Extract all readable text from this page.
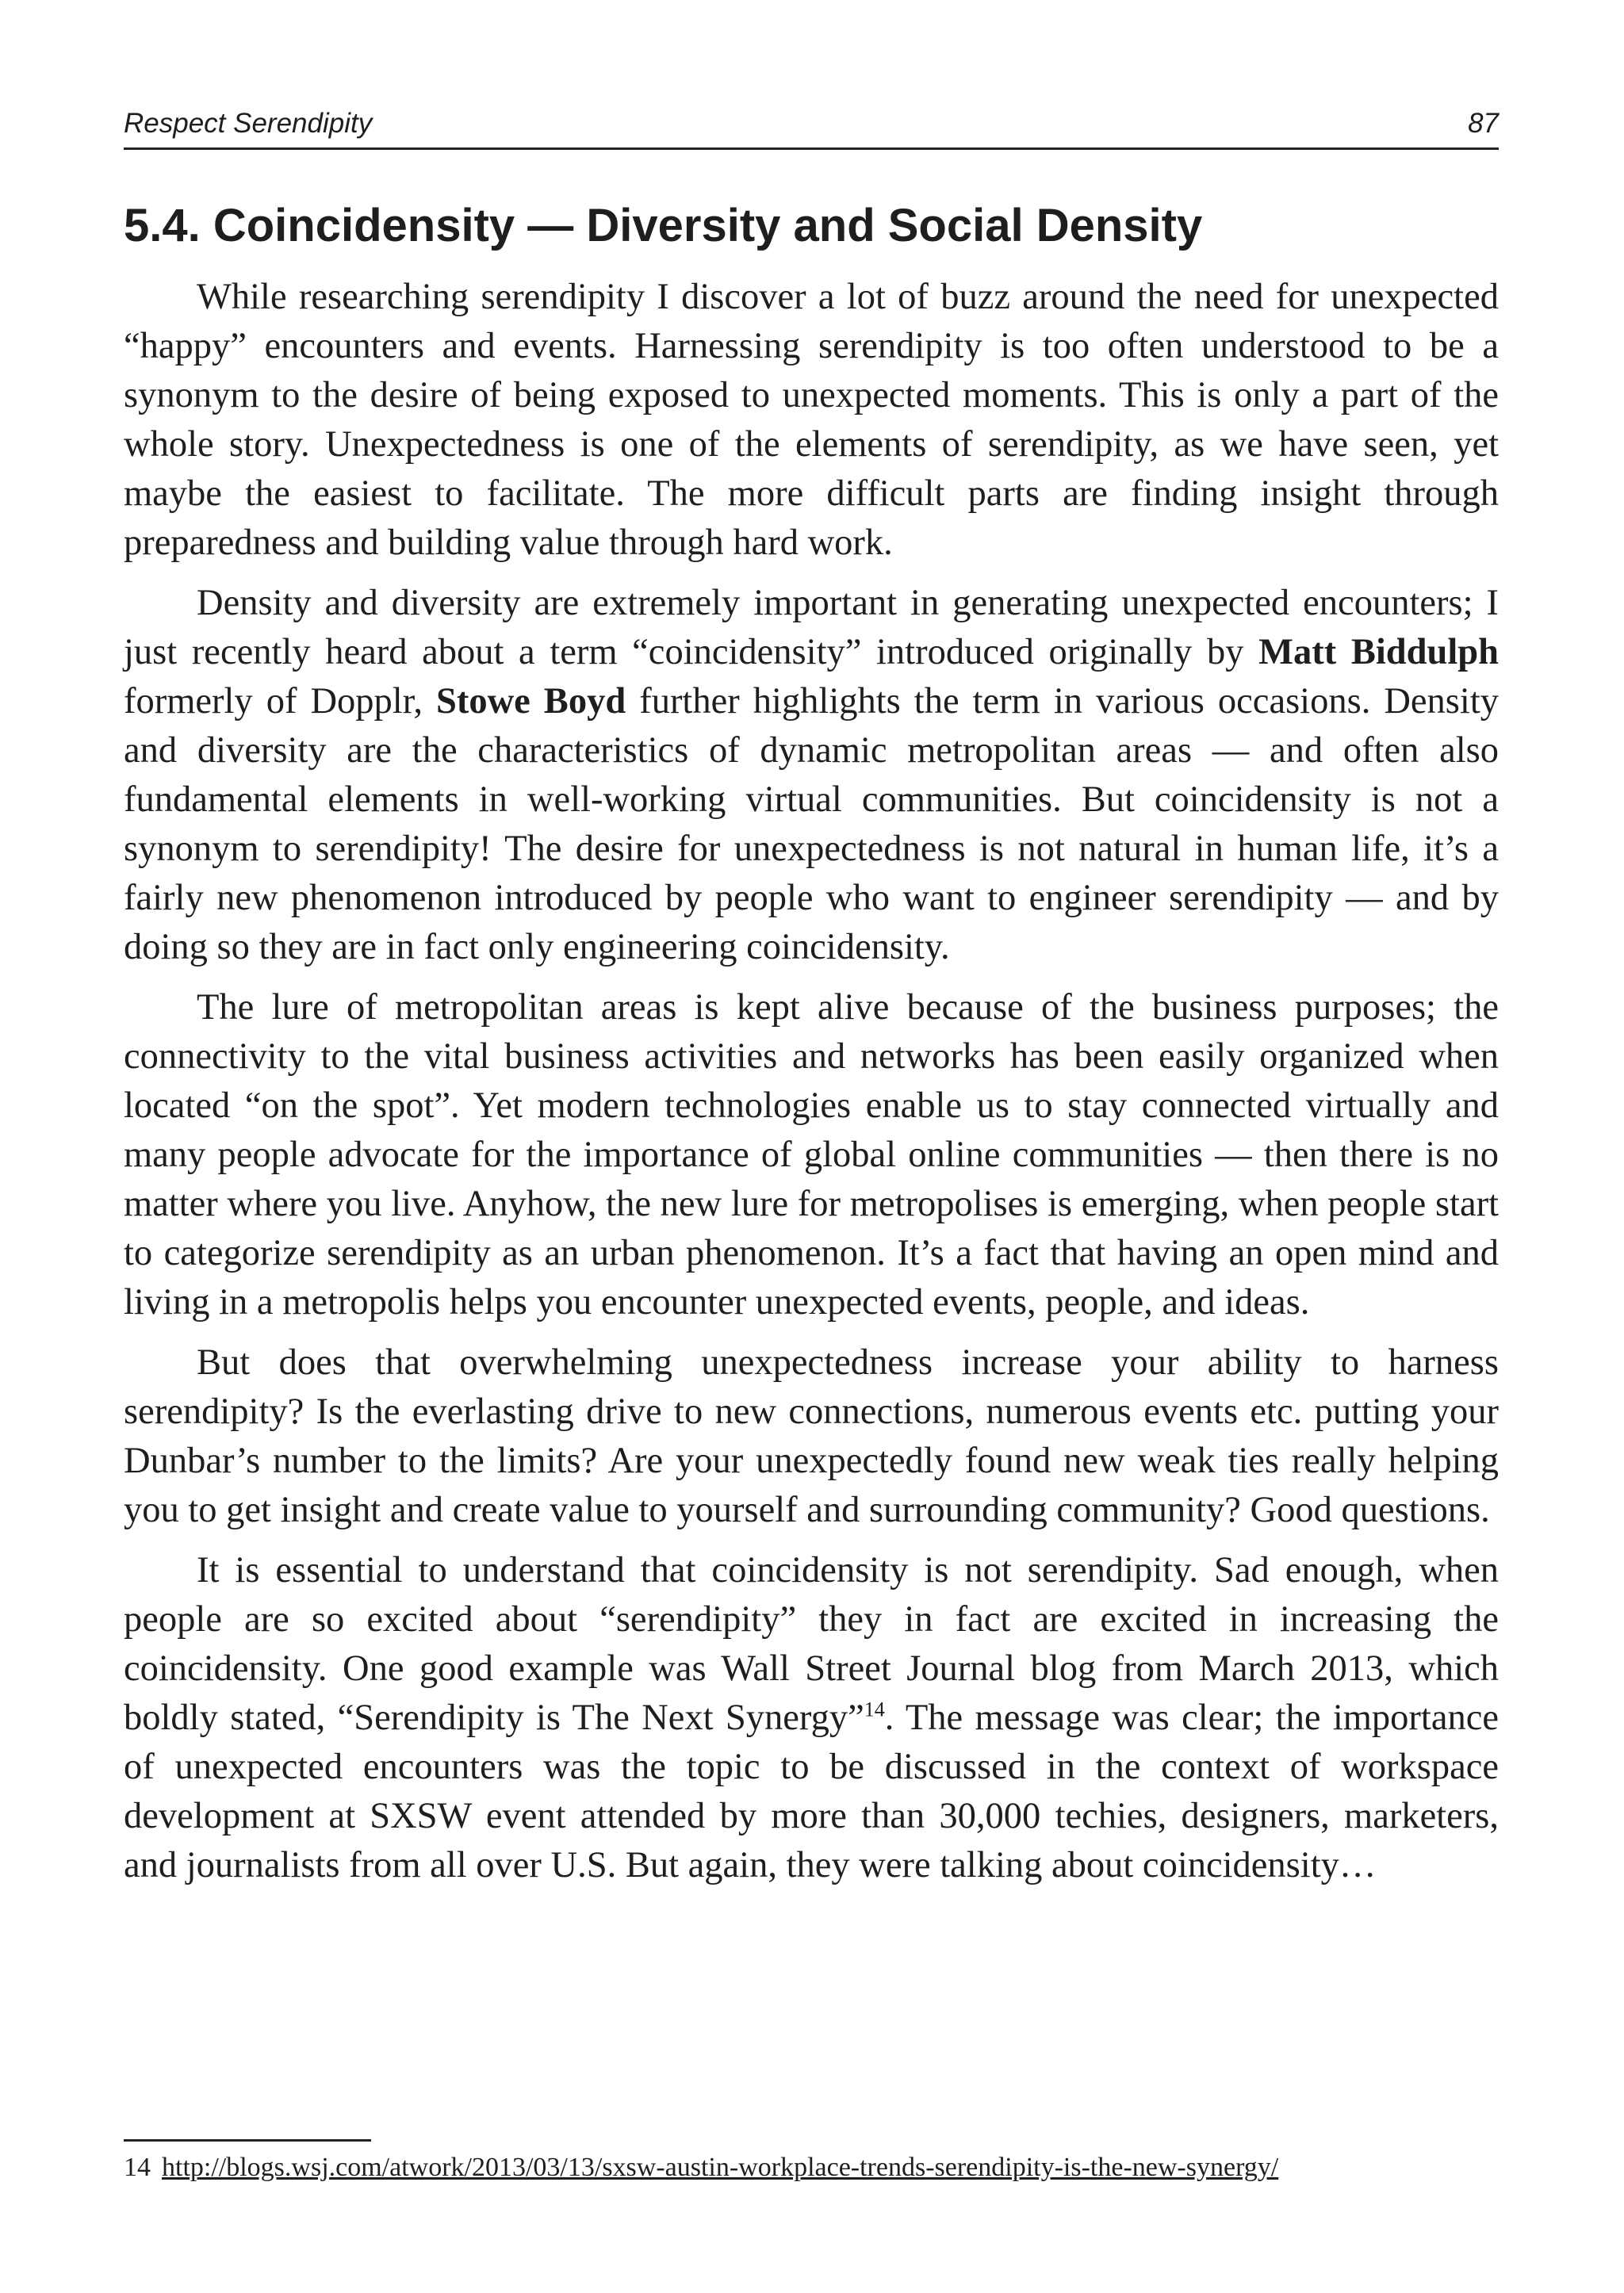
Respect Serendipity	87
5.4. Coincidensity — Diversity and Social Density

While researching serendipity I discover a lot of buzz around the need for unexpected “happy” encounters and events. Harnessing serendipity is too often understood to be a synonym to the desire of being exposed to unexpected moments. This is only a part of the whole story. Unexpectedness is one of the elements of serendipity, as we have seen, yet maybe the easiest to facilitate. The more difficult parts are finding insight through preparedness and building value through hard work.

Density and diversity are extremely important in generating unexpected encounters; I just recently heard about a term “coincidensity” introduced originally by Matt Biddulph formerly of Dopplr, Stowe Boyd further highlights the term in various occasions. Density and diversity are the characteristics of dynamic metropolitan areas — and often also fundamental elements in well-working virtual communities. But coincidensity is not a synonym to serendipity! The desire for unexpectedness is not natural in human life, it’s a fairly new phenomenon introduced by people who want to engineer serendipity — and by doing so they are in fact only engineering coincidensity.

The lure of metropolitan areas is kept alive because of the business purposes; the connectivity to the vital business activities and networks has been easily organized when located “on the spot”. Yet modern technologies enable us to stay connected virtually and many people advocate for the importance of global online communities — then there is no matter where you live. Anyhow, the new lure for metropolises is emerging, when people start to categorize serendipity as an urban phenomenon. It’s a fact that having an open mind and living in a metropolis helps you encounter unexpected events, people, and ideas.

But does that overwhelming unexpectedness increase your ability to harness serendipity? Is the everlasting drive to new connections, numerous events etc. putting your Dunbar’s number to the limits? Are your unexpectedly found new weak ties really helping you to get insight and create value to yourself and surrounding community? Good questions.

It is essential to understand that coincidensity is not serendipity. Sad enough, when people are so excited about “serendipity” they in fact are excited in increasing the coincidensity. One good example was Wall Street Journal blog from March 2013, which boldly stated, “Serendipity is The Next Synergy”$^{14}$. The message was clear; the importance of unexpected encounters was the topic to be discussed in the context of workspace development at SXSW event attended by more than 30,000 techies, designers, marketers, and journalists from all over U.S. But again, they were talking about coincidensity…

14 http://blogs.wsj.com/atwork/2013/03/13/sxsw-austin-workplace-trends-serendipity-is-the-new-synergy/
